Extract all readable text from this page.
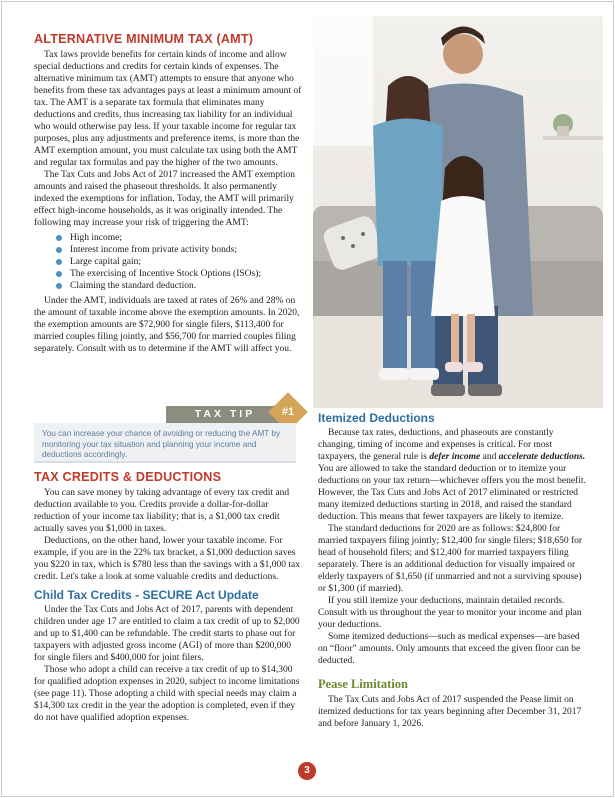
ALTERNATIVE MINIMUM TAX (AMT)

Tax laws provide benefits for certain kinds of income and allow special deductions and credits for certain kinds of expenses. The alternative minimum tax (AMT) attempts to ensure that anyone who benefits from these tax advantages pays at least a minimum amount of tax. The AMT is a separate tax formula that eliminates many deductions and credits, thus increasing tax liability for an individual who would otherwise pay less. If your taxable income for regular tax purposes, plus any adjustments and preference items, is more than the AMT exemption amount, you must calculate tax using both the AMT and regular tax formulas and pay the higher of the two amounts.

The Tax Cuts and Jobs Act of 2017 increased the AMT exemption amounts and raised the phaseout thresholds. It also permanently indexed the exemptions for inflation. Today, the AMT will primarily effect high-income households, as it was originally intended. The following may increase your risk of triggering the AMT:

High income;
Interest income from private activity bonds;
Large capital gain;
The exercising of Incentive Stock Options (ISOs);
Claiming the standard deduction.

Under the AMT, individuals are taxed at rates of 26% and 28% on the amount of taxable income above the exemption amounts. In 2020, the exemption amounts are $72,900 for single filers, $113,400 for married couples filing jointly, and $56,700 for married couples filing separately. Consult with us to determine if the AMT will affect you.

TAX TIP	#1
You can increase your chance of avoiding or reducing the AMT by monitoring your tax situation and planning your income and deductions accordingly.
TAX CREDITS & DEDUCTIONS

You can save money by taking advantage of every tax credit and deduction available to you. Credits provide a dollar-for-dollar reduction of your income tax liability; that is, a $1,000 tax credit actually saves you $1,000 in taxes.

Deductions, on the other hand, lower your taxable income. For example, if you are in the 22% tax bracket, a $1,000 deduction saves you $220 in tax, which is $780 less than the savings with a $1,000 tax credit. Let's take a look at some valuable credits and deductions.

Child Tax Credits - SECURE Act Update

Under the Tax Cuts and Jobs Act of 2017, parents with dependent children under age 17 are entitled to claim a tax credit of up to $2,000 and up to $1,400 can be refundable. The credit starts to phase out for taxpayers with adjusted gross income (AGI) of more than $200,000 for single filers and $400,000 for joint filers.

Those who adopt a child can receive a tax credit of up to $14,300 for qualified adoption expenses in 2020, subject to income limitations (see page 11). Those adopting a child with special needs may claim a $14,300 tax credit in the year the adoption is completed, even if they do not have qualified adoption expenses.

Itemized Deductions

Because tax rates, deductions, and phaseouts are constantly changing, timing of income and expenses is critical. For most taxpayers, the general rule is defer income and accelerate deductions. You are allowed to take the standard deduction or to itemize your deductions on your tax return—whichever offers you the most benefit. However, the Tax Cuts and Jobs Act of 2017 eliminated or restricted many itemized deductions starting in 2018, and raised the standard deduction. This means that fewer taxpayers are likely to itemize.

The standard deductions for 2020 are as follows: $24,800 for married taxpayers filing jointly; $12,400 for single filers; $18,650 for head of household filers; and $12,400 for married taxpayers filing separately. There is an additional deduction for visually impaired or elderly taxpayers of $1,650 (if unmarried and not a surviving spouse) or $1,300 (if married).

If you still itemize your deductions, maintain detailed records. Consult with us throughout the year to monitor your income and plan your deductions.

Some itemized deductions—such as medical expenses—are based on “floor” amounts. Only amounts that exceed the given floor can be deducted.

Pease Limitation

The Tax Cuts and Jobs Act of 2017 suspended the Pease limit on itemized deductions for tax years beginning after December 31, 2017 and before January 1, 2026.

3
